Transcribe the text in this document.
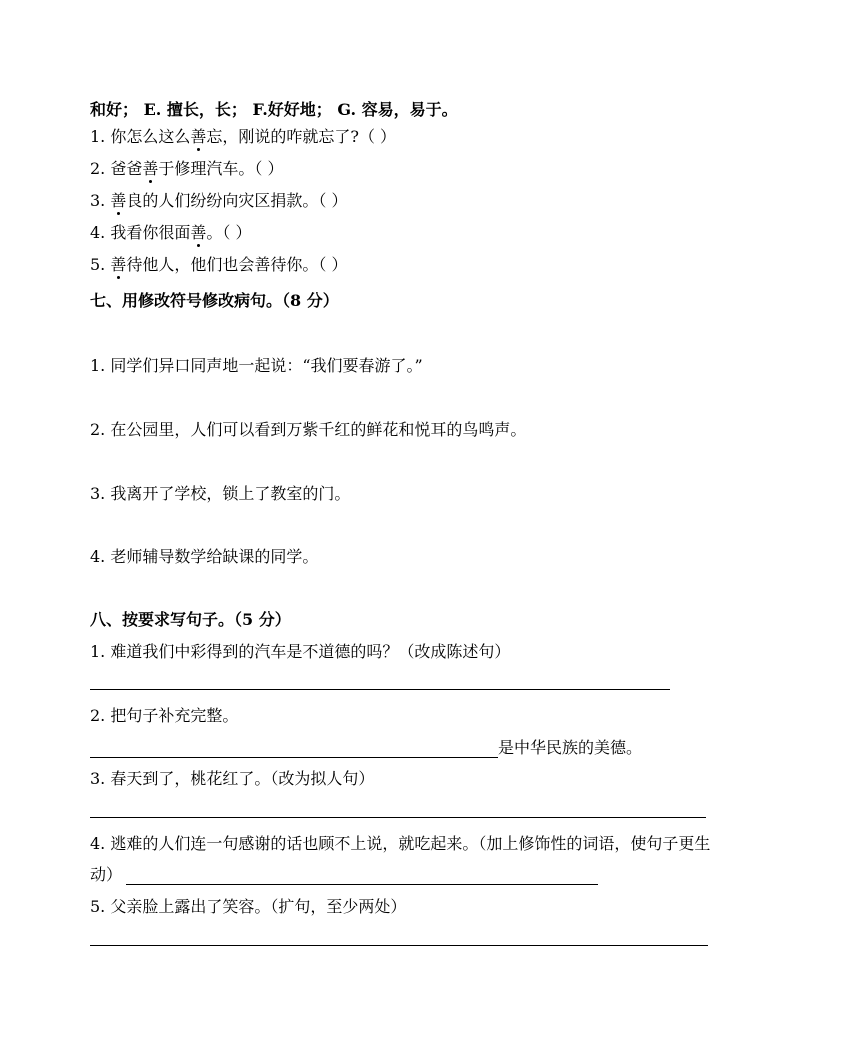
和好； E. 擅长，长； F.好好地； G. 容易，易于。
1. 你怎么这么善忘，刚说的咋就忘了?（ ）
2. 爸爸善于修理汽车。（ ）
3. 善良的人们纷纷向灾区捐款。（ ）
4. 我看你很面善。（ ）
5. 善待他人，他们也会善待你。（ ）
七、用修改符号修改病句。（8 分）
1. 同学们异口同声地一起说：“我们要春游了。”
2. 在公园里，人们可以看到万紫千红的鲜花和悦耳的鸟鸣声。
3. 我离开了学校，锁上了教室的门。
4. 老师辅导数学给缺课的同学。
八、按要求写句子。（5 分）
1. 难道我们中彩得到的汽车是不道德的吗？（改成陈述句）
2. 把句子补充完整。
是中华民族的美德。
3. 春天到了，桃花红了。（改为拟人句）
4. 逃难的人们连一句感谢的话也顾不上说，就吃起来。（加上修饰性的词语，使句子更生
动）
5. 父亲脸上露出了笑容。（扩句，至少两处）
